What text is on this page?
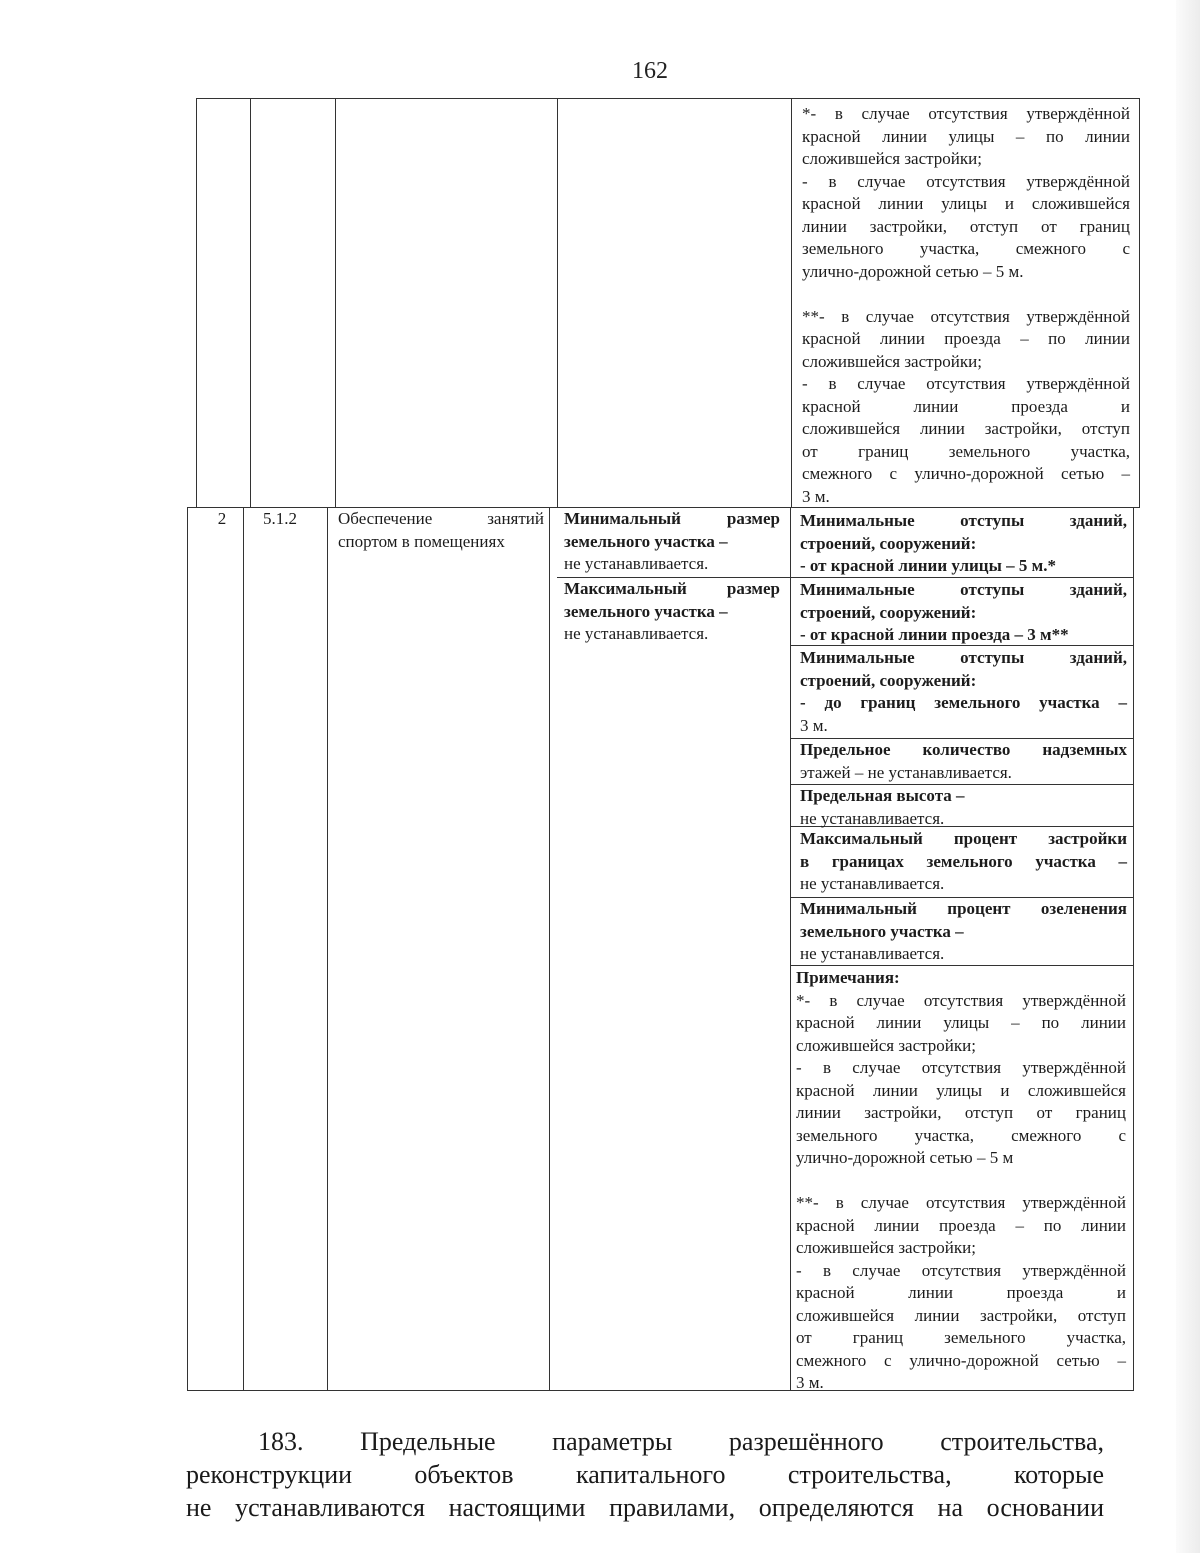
162
*- в случае отсутствия утверждённой
красной линии улицы – по линии
сложившейся застройки;
- в случае отсутствия утверждённой
красной линии улицы и сложившейся
линии застройки, отступ от границ
земельного участка, смежного с
улично-дорожной сетью – 5 м.
**- в случае отсутствия утверждённой
красной линии проезда – по линии
сложившейся застройки;
- в случае отсутствия утверждённой
красной линии проезда и
сложившейся линии застройки, отступ
от границ земельного участка,
смежного с улично-дорожной сетью –
3 м.
2	5.1.2	Обеспечение занятий
спортом в помещениях
Минимальный размер
земельного участка –
не устанавливается.
Максимальный размер
земельного участка –
не устанавливается.
Минимальные отступы зданий,
строений, сооружений:
- от красной линии улицы – 5 м.*
Минимальные отступы зданий,
строений, сооружений:
- от красной линии проезда – 3 м**
Минимальные отступы зданий,
строений, сооружений:
- до границ земельного участка –
3 м.
Предельное количество надземных
этажей – не устанавливается.
Предельная высота –
не устанавливается.
Максимальный процент застройки
в границах земельного участка –
не устанавливается.
Минимальный процент озеленения
земельного участка –
не устанавливается.
Примечания:
*- в случае отсутствия утверждённой
красной линии улицы – по линии
сложившейся застройки;
- в случае отсутствия утверждённой
красной линии улицы и сложившейся
линии застройки, отступ от границ
земельного участка, смежного с
улично-дорожной сетью – 5 м
**- в случае отсутствия утверждённой
красной линии проезда – по линии
сложившейся застройки;
- в случае отсутствия утверждённой
красной линии проезда и
сложившейся линии застройки, отступ
от границ земельного участка,
смежного с улично-дорожной сетью –
3 м.
183. Предельные параметры разрешённого строительства,
реконструкции объектов капитального строительства, которые
не устанавливаются настоящими правилами, определяются на основании
